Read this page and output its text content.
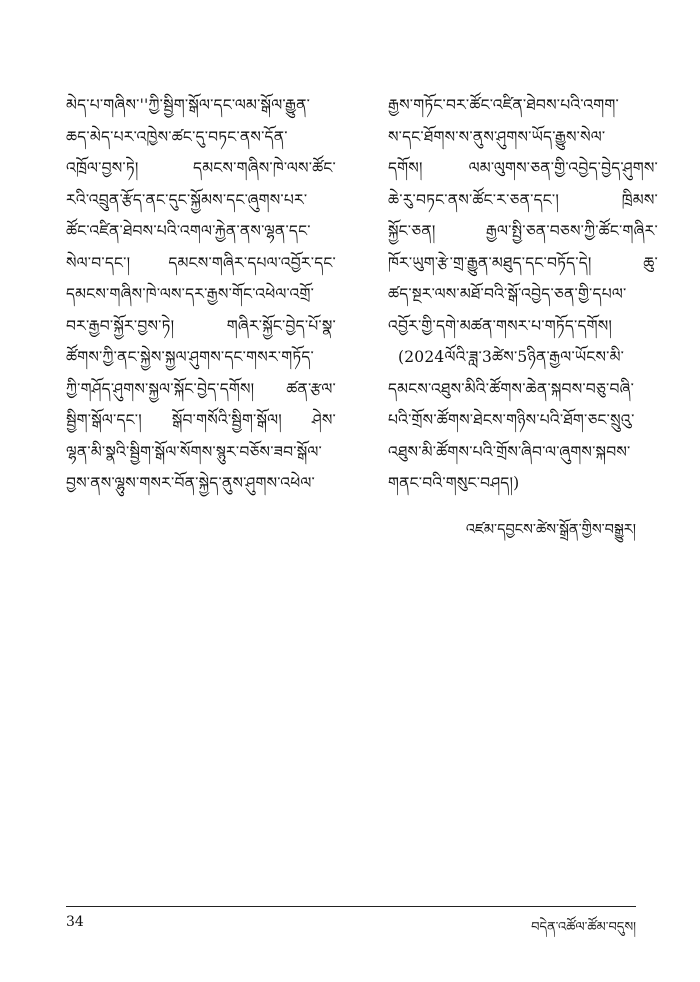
མེད་པ་གཞིས་''ཀྱི་སྦྱིག་སྒོལ་དང་ལམ་སྒོལ་རྒྱུན་
ཆད་མེད་པར་འཁྱེས་ཚང་དུ་བཏང་ནས་དོན་
འཁྲོལ་བྱས་ཏེ། དམངས་གཞིས་ཁེ་ལས་ཚོང་
རའི་འབྲུན་རྩོད་ནང་དུང་སྐྱོམས་དང་ཞུགས་པར་
ཚོང་འཛིན་ཐེབས་པའི་འགལ་རྐྱེན་ནས་ལྷན་དང་
སེལ་བ་དང་། དམངས་གཞིར་དཔལ་འབྱོར་དང་
དམངས་གཞིས་ཁེ་ལས་དར་རྒྱས་གོང་འཕེལ་འགྲོ་
བར་རྒྱབ་སྐྱོར་བྱས་ཏེ། གཞིར་སྐྱོང་བྱེད་པོ་སྣ་
ཚོགས་ཀྱི་ནང་སྐྱེས་སྐྱལ་ཤུགས་དང་གསར་གཏོད་
ཀྱི་གཤོད་ཤུགས་སྐྱལ་སྐོང་བྱེད་དགོས། ཚན་རྩལ་
སྦྱིག་སྒོལ་དང་། སྒོབ་གསོའི་སྦྱིག་སྒོལ། ཤེས་
ལྷན་མི་སྣའི་སྦྱིག་སྒོལ་སོགས་སྙུར་བཅོས་ཟབ་སྒོལ་
བྱས་ནས་ལྷུས་གསར་བོན་སྐྱེད་ནུས་ཤུགས་འཕེལ་
རྒྱས་གཏོང་བར་ཚོང་འཛིན་ཐེབས་པའི་འགག་
ས་དང་ཐོགས་ས་ནུས་ཤུགས་ཡོད་རྒྱུས་སེལ་
དགོས། ལམ་ལུགས་ཅན་གྱི་འབྱེད་བྱེད་ཤུགས་
ཆེ་རུ་བཏང་ནས་ཚོང་ར་ཅན་དང་། ཁྲིམས་
སྐྱོང་ཅན། རྒྱལ་སྤྱི་ཅན་བཅས་ཀྱི་ཚོང་གཞིར་
ཁོར་ཡུག་རྩེ་གྲ་རྒྱུན་མཐུད་དང་བཏོད་དེ། ཆུ་
ཚད་སྔར་ལས་མཐོ་བའི་སྒོ་འབྱེད་ཅན་གྱི་དཔལ་
འབྱོར་གྱི་དགེ་མཚན་གསར་པ་གཏོད་དགོས།
(2024ལོའི་ཟླ་3ཚེས་5ཉིན་རྒྱལ་ཡོངས་མི་
དམངས་འཐུས་མིའི་ཚོགས་ཆེན་སྐབས་བཅུ་བཞི་
པའི་གྲོས་ཚོགས་ཐེངས་གཉིས་པའི་ཐོག་ཅང་སྲུའུ་
འཐུས་མི་ཚོགས་པའི་གྲོས་ཞིབ་ལ་ཞུགས་སྐབས་
གནང་བའི་གསུང་བཤད།)
འཛམ་དབྱངས་ཚེས་སྒྲོན་གྱིས་བསྒྱུར།
34	བདེན་འཚོལ་ཚོམ་བདུས།
